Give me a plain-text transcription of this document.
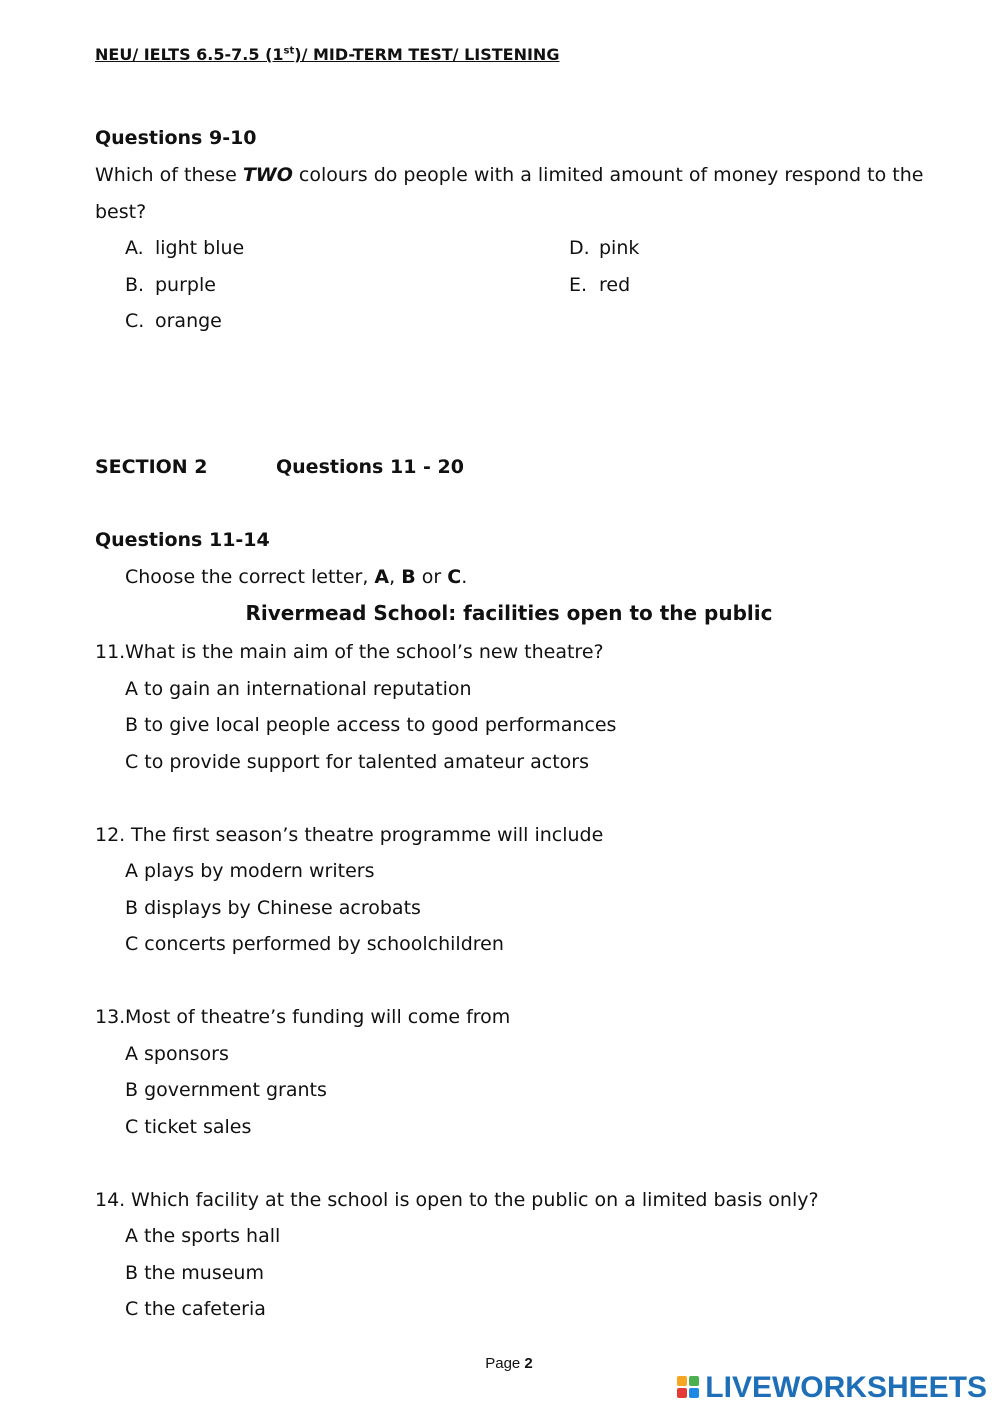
NEU/ IELTS 6.5-7.5 (1st)/ MID-TERM TEST/ LISTENING
Questions 9-10
Which of these TWO colours do people with a limited amount of money respond to the
best?
A. light blue
B. purple
C. orange
D. pink
E. red
SECTION 2	Questions 11 - 20
Questions 11-14
Choose the correct letter, A, B or C.
Rivermead School: facilities open to the public
11.What is the main aim of the school’s new theatre?
A to gain an international reputation
B to give local people access to good performances
C to provide support for talented amateur actors
12. The first season’s theatre programme will include
A plays by modern writers
B displays by Chinese acrobats
C concerts performed by schoolchildren
13.Most of theatre’s funding will come from
A sponsors
B government grants
C ticket sales
14. Which facility at the school is open to the public on a limited basis only?
A the sports hall
B the museum
C the cafeteria
Page 2
LIVEWORKSHEETS
